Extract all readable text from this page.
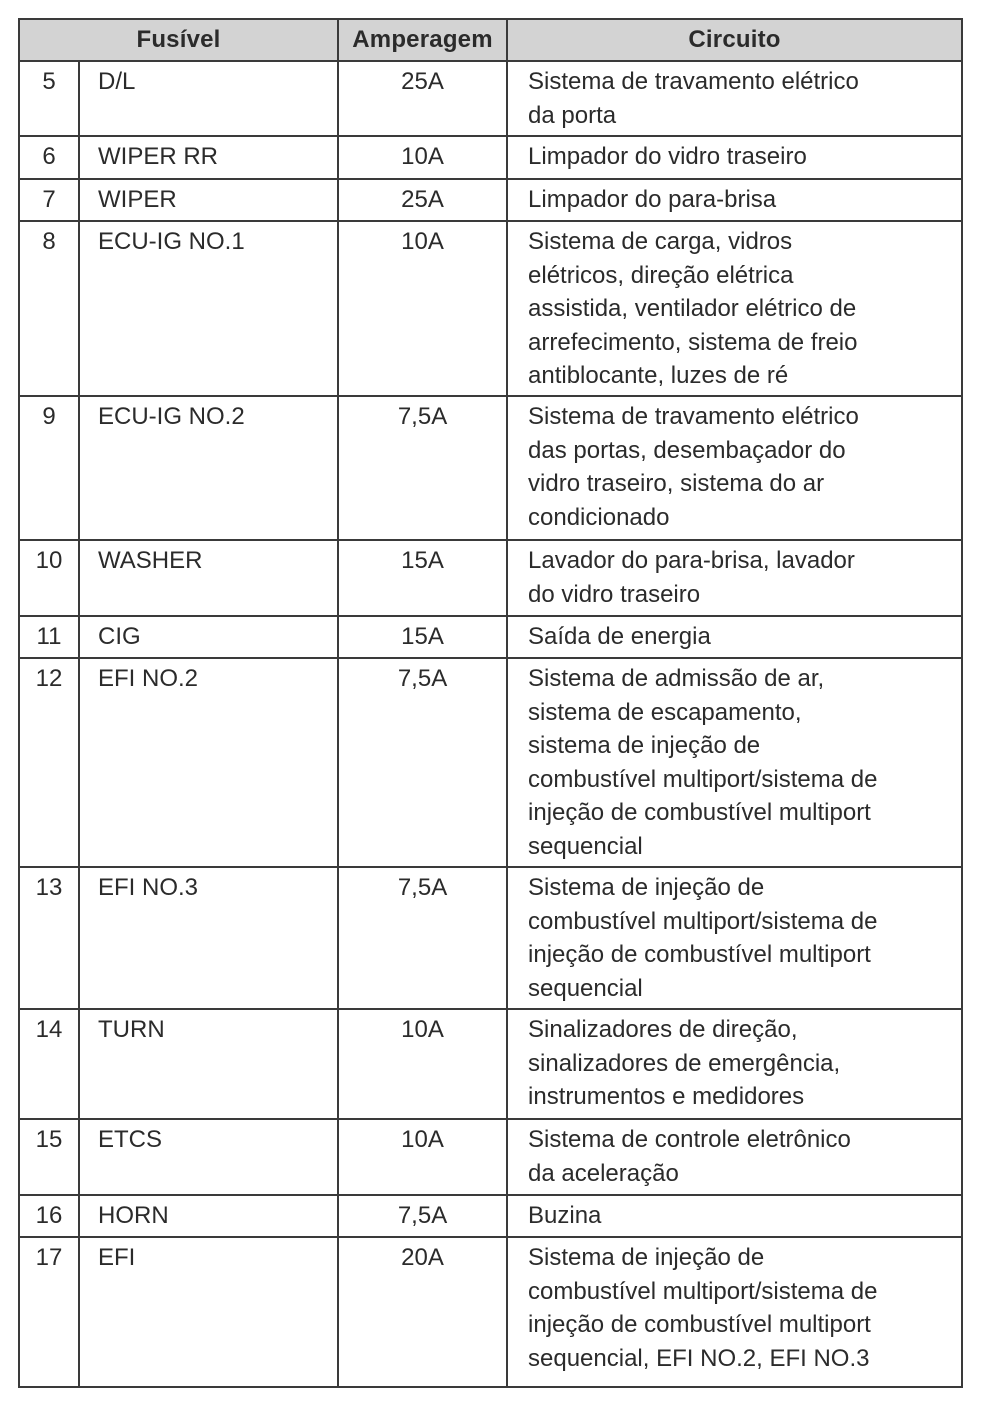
Fusível		Amperagem	Circuito
5	D/L	25A	Sistema de travamento elétrico
da porta

6	WIPER RR	10A	Limpador do vidro traseiro

7	WIPER	25A	Limpador do para-brisa

8	ECU-IG NO.1	10A	Sistema de carga, vidros
elétricos, direção elétrica
assistida, ventilador elétrico de
arrefecimento, sistema de freio
antiblocante, luzes de ré

9	ECU-IG NO.2	7,5A	Sistema de travamento elétrico
das portas, desembaçador do
vidro traseiro, sistema do ar
condicionado

10	WASHER	15A	Lavador do para-brisa, lavador
do vidro traseiro

11	CIG	15A	Saída de energia

12	EFI NO.2	7,5A	Sistema de admissão de ar,
sistema de escapamento,
sistema de injeção de
combustível multiport/sistema de
injeção de combustível multiport
sequencial

13	EFI NO.3	7,5A	Sistema de injeção de
combustível multiport/sistema de
injeção de combustível multiport
sequencial

14	TURN	10A	Sinalizadores de direção,
sinalizadores de emergência,
instrumentos e medidores

15	ETCS	10A	Sistema de controle eletrônico
da aceleração

16	HORN	7,5A	Buzina

17	EFI	20A	Sistema de injeção de
combustível multiport/sistema de
injeção de combustível multiport
sequencial, EFI NO.2, EFI NO.3
